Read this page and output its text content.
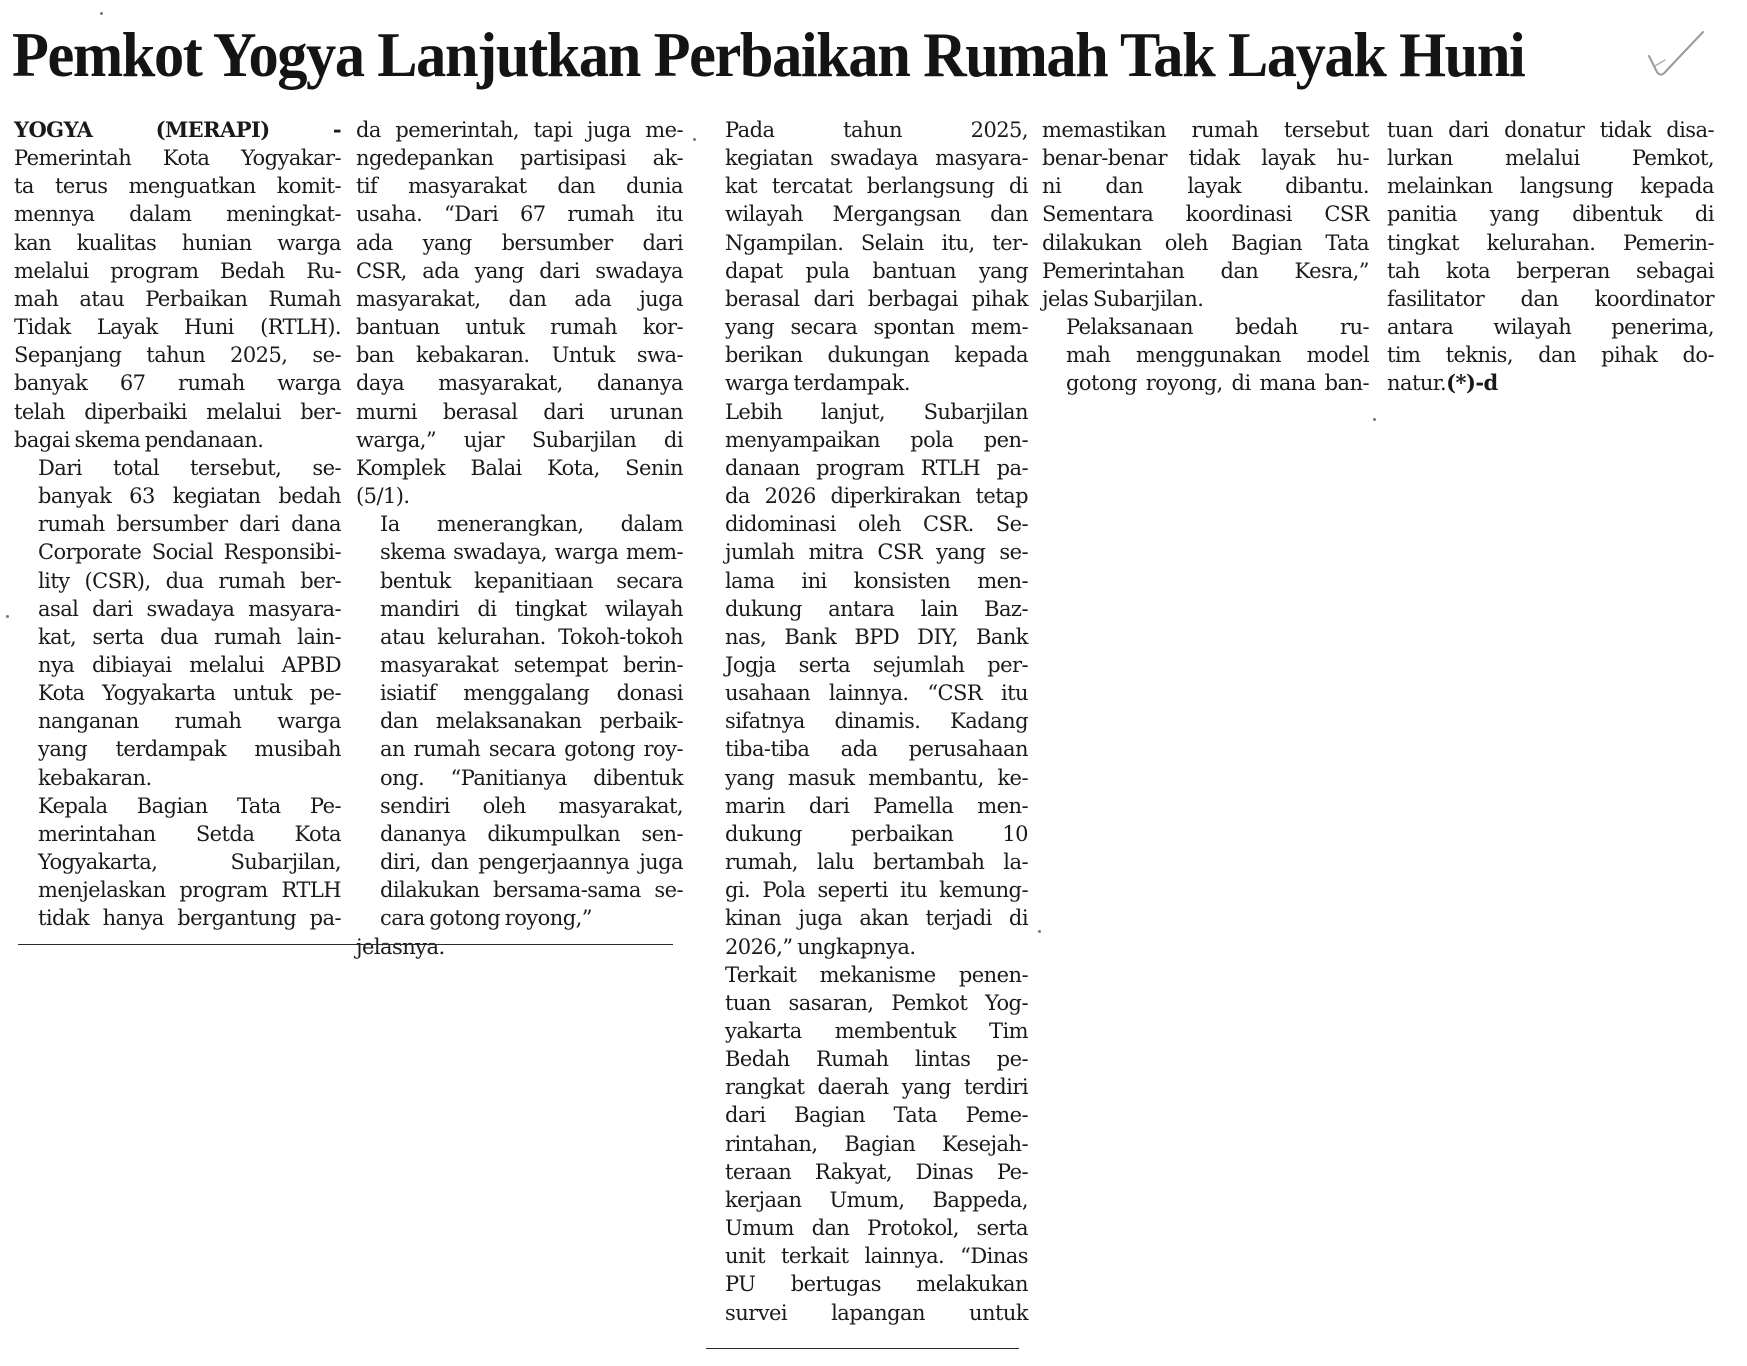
Pemkot Yogya Lanjutkan Perbaikan Rumah Tak Layak Huni

YOGYA (MERAPI) -

Pemerintah Kota Yogyakar-
ta terus menguatkan komit-
mennya dalam meningkat-
kan kualitas hunian warga
melalui program Bedah Ru-
mah atau Perbaikan Rumah
Tidak Layak Huni (RTLH).
Sepanjang tahun 2025, se-
banyak 67 rumah warga
telah diperbaiki melalui ber-
bagai skema pendanaan.

Dari total tersebut, se-
banyak 63 kegiatan bedah
rumah bersumber dari dana
Corporate Social Responsibi-
lity (CSR), dua rumah ber-
asal dari swadaya masyara-
kat, serta dua rumah lain-
nya dibiayai melalui APBD
Kota Yogyakarta untuk pe-
nanganan rumah warga
yang terdampak musibah
kebakaran.

Kepala Bagian Tata Pe-
merintahan Setda Kota
Yogyakarta, Subarjilan,
menjelaskan program RTLH
tidak hanya bergantung pa-

da pemerintah, tapi juga me-
ngedepankan partisipasi ak-
tif masyarakat dan dunia
usaha. “Dari 67 rumah itu
ada yang bersumber dari
CSR, ada yang dari swadaya
masyarakat, dan ada juga
bantuan untuk rumah kor-
ban kebakaran. Untuk swa-
daya masyarakat, dananya
murni berasal dari urunan
warga,” ujar Subarjilan di
Komplek Balai Kota, Senin
(5/1).

Ia menerangkan, dalam
skema swadaya, warga mem-
bentuk kepanitiaan secara
mandiri di tingkat wilayah
atau kelurahan. Tokoh-tokoh
masyarakat setempat berin-
isiatif menggalang donasi
dan melaksanakan perbaik-
an rumah secara gotong roy-
ong. “Panitianya dibentuk
sendiri oleh masyarakat,
dananya dikumpulkan sen-
diri, dan pengerjaannya juga
dilakukan bersama-sama se-
cara gotong royong,” jelasnya.

Pada tahun 2025,
kegiatan swadaya masyara-
kat tercatat berlangsung di
wilayah Mergangsan dan
Ngampilan. Selain itu, ter-
dapat pula bantuan yang
berasal dari berbagai pihak
yang secara spontan mem-
berikan dukungan kepada
warga terdampak.

Lebih lanjut, Subarjilan
menyampaikan pola pen-
danaan program RTLH pa-
da 2026 diperkirakan tetap
didominasi oleh CSR. Se-
jumlah mitra CSR yang se-
lama ini konsisten men-
dukung antara lain Baz-
nas, Bank BPD DIY, Bank
Jogja serta sejumlah per-
usahaan lainnya. “CSR itu
sifatnya dinamis. Kadang
tiba-tiba ada perusahaan
yang masuk membantu, ke-
marin dari Pamella men-
dukung perbaikan 10
rumah, lalu bertambah la-
gi. Pola seperti itu kemung-
kinan juga akan terjadi di
2026,” ungkapnya.

Terkait mekanisme penen-
tuan sasaran, Pemkot Yog-
yakarta membentuk Tim
Bedah Rumah lintas pe-
rangkat daerah yang terdiri
dari Bagian Tata Peme-
rintahan, Bagian Kesejah-
teraan Rakyat, Dinas Pe-
kerjaan Umum, Bappeda,
Umum dan Protokol, serta
unit terkait lainnya. “Dinas
PU bertugas melakukan
survei lapangan untuk

memastikan rumah tersebut
benar-benar tidak layak hu-
ni dan layak dibantu.
Sementara koordinasi CSR
dilakukan oleh Bagian Tata
Pemerintahan dan Kesra,”
jelas Subarjilan.

Pelaksanaan bedah ru-
mah menggunakan model
gotong royong, di mana ban-

tuan dari donatur tidak disa-
lurkan melalui Pemkot,
melainkan langsung kepada
panitia yang dibentuk di
tingkat kelurahan. Pemerin-
tah kota berperan sebagai
fasilitator dan koordinator
antara wilayah penerima,
tim teknis, dan pihak do-
natur.(*)-d
